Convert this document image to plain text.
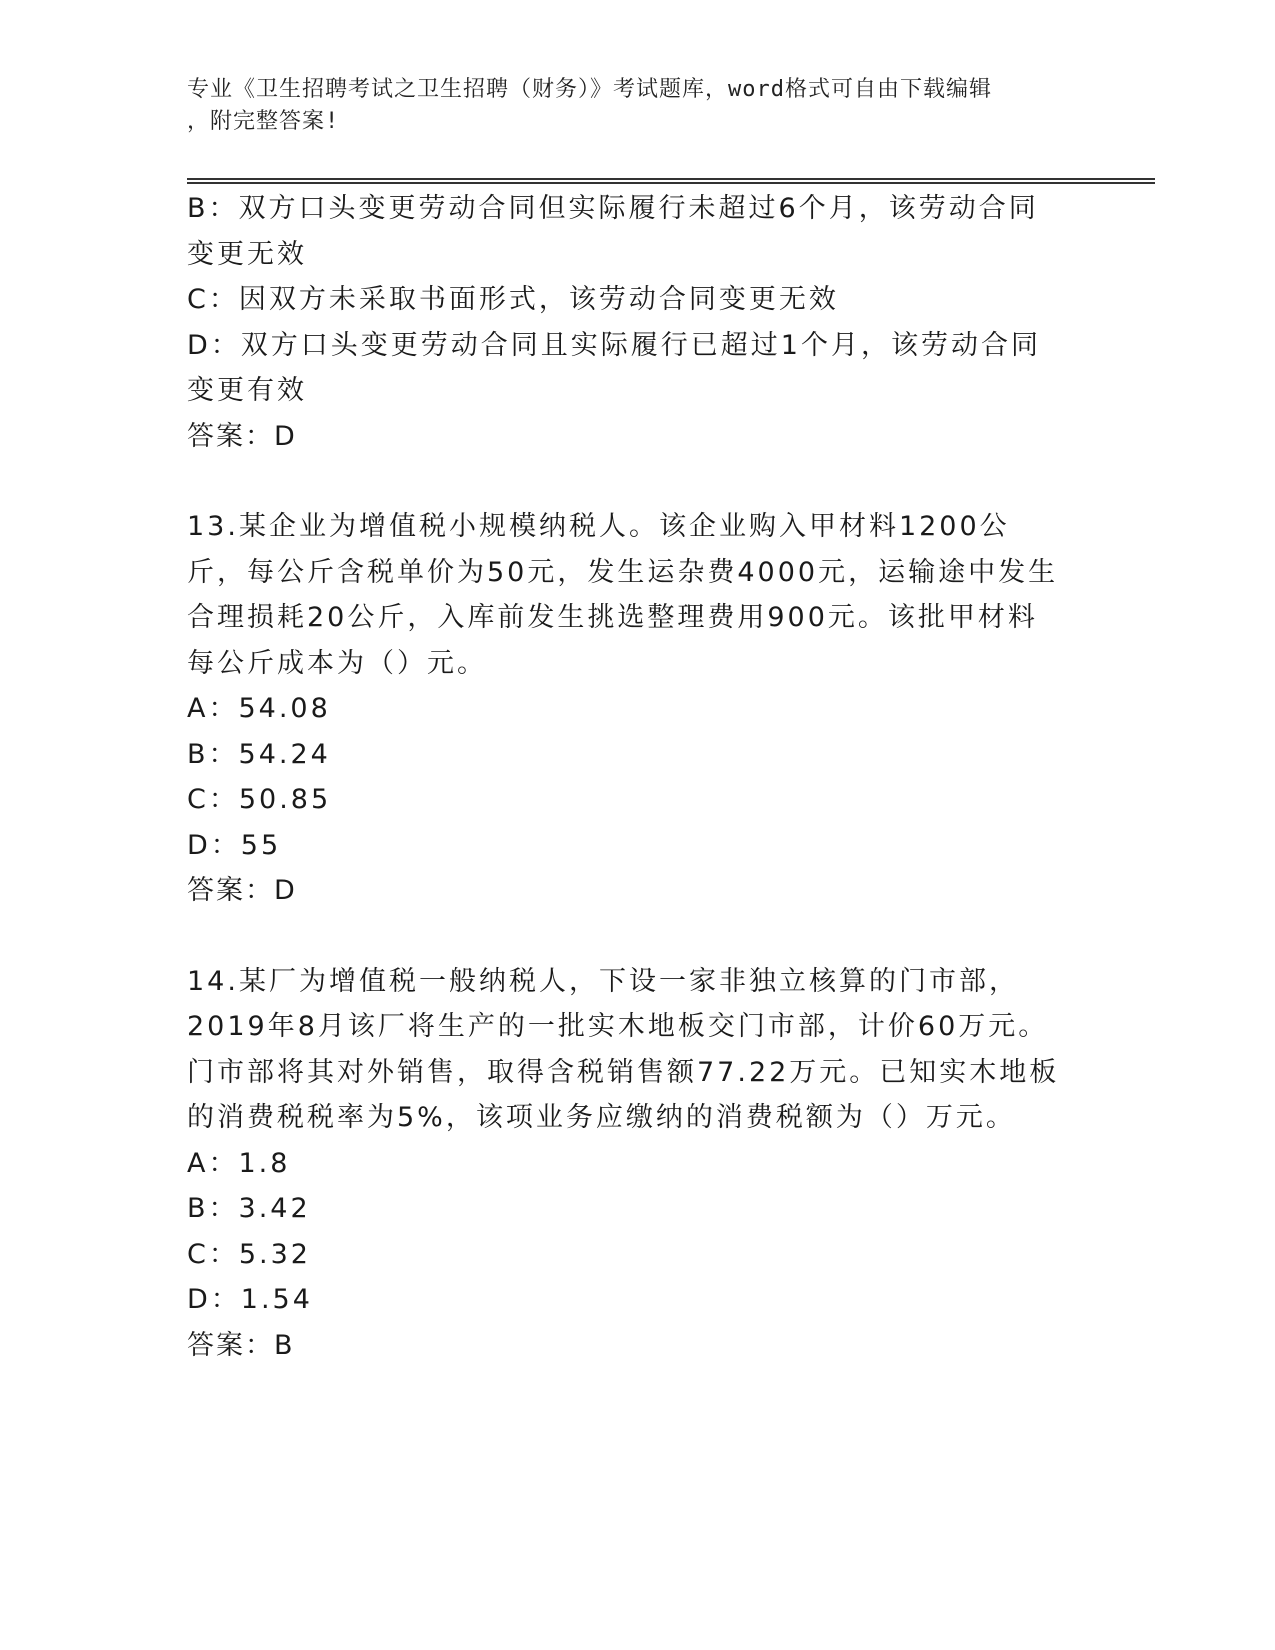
专业《卫生招聘考试之卫生招聘（财务）》考试题库，word格式可自由下载编辑
，附完整答案!

B：双方口头变更劳动合同但实际履行未超过6个月，该劳动合同变更无效

C：因双方未采取书面形式，该劳动合同变更无效

D：双方口头变更劳动合同且实际履行已超过1个月，该劳动合同变更有效

答案：D

13.某企业为增值税小规模纳税人。该企业购入甲材料1200公斤，每公斤含税单价为50元，发生运杂费4000元，运输途中发生合理损耗20公斤，入库前发生挑选整理费用900元。该批甲材料每公斤成本为（）元。

A：54.08

B：54.24

C：50.85

D：55

答案：D

14.某厂为增值税一般纳税人，下设一家非独立核算的门市部，2019年8月该厂将生产的一批实木地板交门市部，计价60万元。门市部将其对外销售，取得含税销售额77.22万元。已知实木地板的消费税税率为5%，该项业务应缴纳的消费税额为（）万元。

A：1.8

B：3.42

C：5.32

D：1.54

答案：B
